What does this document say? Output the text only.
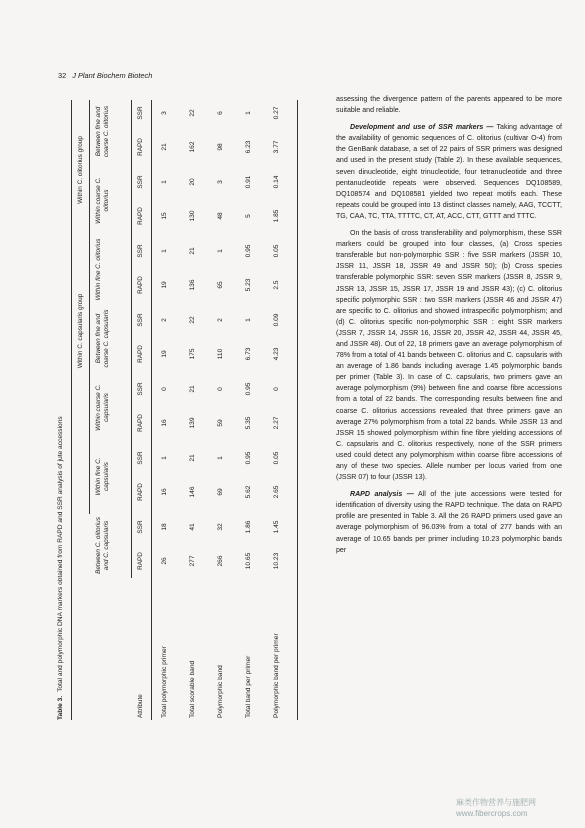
32 J Plant Biochem Biotech
Table 3.Total and polymorphic DNA markers obtained from RAPD and SSR analysis of jute accessions
Attribute
Within C. capsularis group
Within C. olitorius group
Between C. olitorius and C. capsularis
Within fine C. capsularis
Within coarse C. capsularis
Between fine and coarse C. capsularis
Within fine C. olitorius
Within coarse C. olitorius
Between fine and coarse C. olitorius
RAPD
SSR
RAPD
SSR
RAPD
SSR
RAPD
SSR
RAPD
SSR
RAPD
SSR
RAPD
SSR
Total polymorphic primer
26
18
16
1
16
0
19
2
19
1
15
1
21
3
Total scorable band
277
41
146
21
139
21
175
22
136
21
130
20
162
22
Polymorphic band
266
32
69
1
59
0
110
2
65
1
48
3
98
6
Total band per primer
10.65
1.86
5.62
0.95
5.35
0.95
6.73
1
5.23
0.95
5
0.91
6.23
1
Polymorphic band per primer
10.23
1.45
2.65
0.05
2.27
0
4.23
0.09
2.5
0.05
1.85
0.14
3.77
0.27

assessing the divergence pattern of the parents appeared to be more suitable and reliable.

Development and use of SSR markers — Taking advantage of the availability of genomic sequences of C. olitorius (cultivar O-4) from the GenBank database, a set of 22 pairs of SSR primers was designed and used in the present study (Table 2). In these available sequences, seven dinucleotide, eight trinucleotide, four tetranucleotide and three pentanucleotide repeats were observed. Sequences DQ108589, DQ108574 and DQ108581 yielded two repeat motifs each. These repeats could be grouped into 13 distinct classes namely, AAG, TCCTT, TG, CAA, TC, TTA, TTTTC, CT, AT, ACC, CTT, GTTT and TTTC.

On the basis of cross transferability and polymorphism, these SSR markers could be grouped into four classes, (a) Cross species transferable but non-polymorphic SSR : five SSR markers (JSSR 10, JSSR 11, JSSR 18, JSSR 49 and JSSR 50); (b) Cross species transferable polymorphic SSR: seven SSR markers (JSSR 8, JSSR 9, JSSR 13, JSSR 15, JSSR 17, JSSR 19 and JSSR 43); (c) C. olitorius specific polymorphic SSR : two SSR markers (JSSR 46 and JSSR 47) are specific to C. olitorius and showed intraspecific polymorphism; and (d) C. olitorius specific non-polymorphic SSR : eight SSR markers (JSSR 7, JSSR 14, JSSR 16, JSSR 20, JSSR 42, JSSR 44, JSSR 45, and JSSR 48). Out of 22, 18 primers gave an average polymorphism of 78% from a total of 41 bands between C. olitorius and C. capsularis with an average of 1.86 bands including average 1.45 polymorphic bands per primer (Table 3). In case of C. capsularis, two primers gave an average polymorphism (9%) between fine and coarse fibre accessions from a total of 22 bands. The corresponding results between fine and coarse C. olitorius accessions revealed that three primers gave an average 27% polymorphism from a total 22 bands. While JSSR 13 and JSSR 15 showed polymorphism within fine fibre yielding accessions of C. capsularis and C. olitorius respectively, none of the SSR primers used could detect any polymorphism within coarse fibre accessions of any of these two species. Allele number per locus varied from one (JSSR 07) to four (JSSR 13).

RAPD analysis — All of the jute accessions were tested for identification of diversity using the RAPD technique. The data on RAPD profile are presented in Table 3. All the 26 RAPD primers used gave an average polymorphism of 96.03% from a total of 277 bands with an average of 10.65 bands per primer including 10.23 polymorphic bands per

麻类作物营养与施肥网
www.fibercrops.com
